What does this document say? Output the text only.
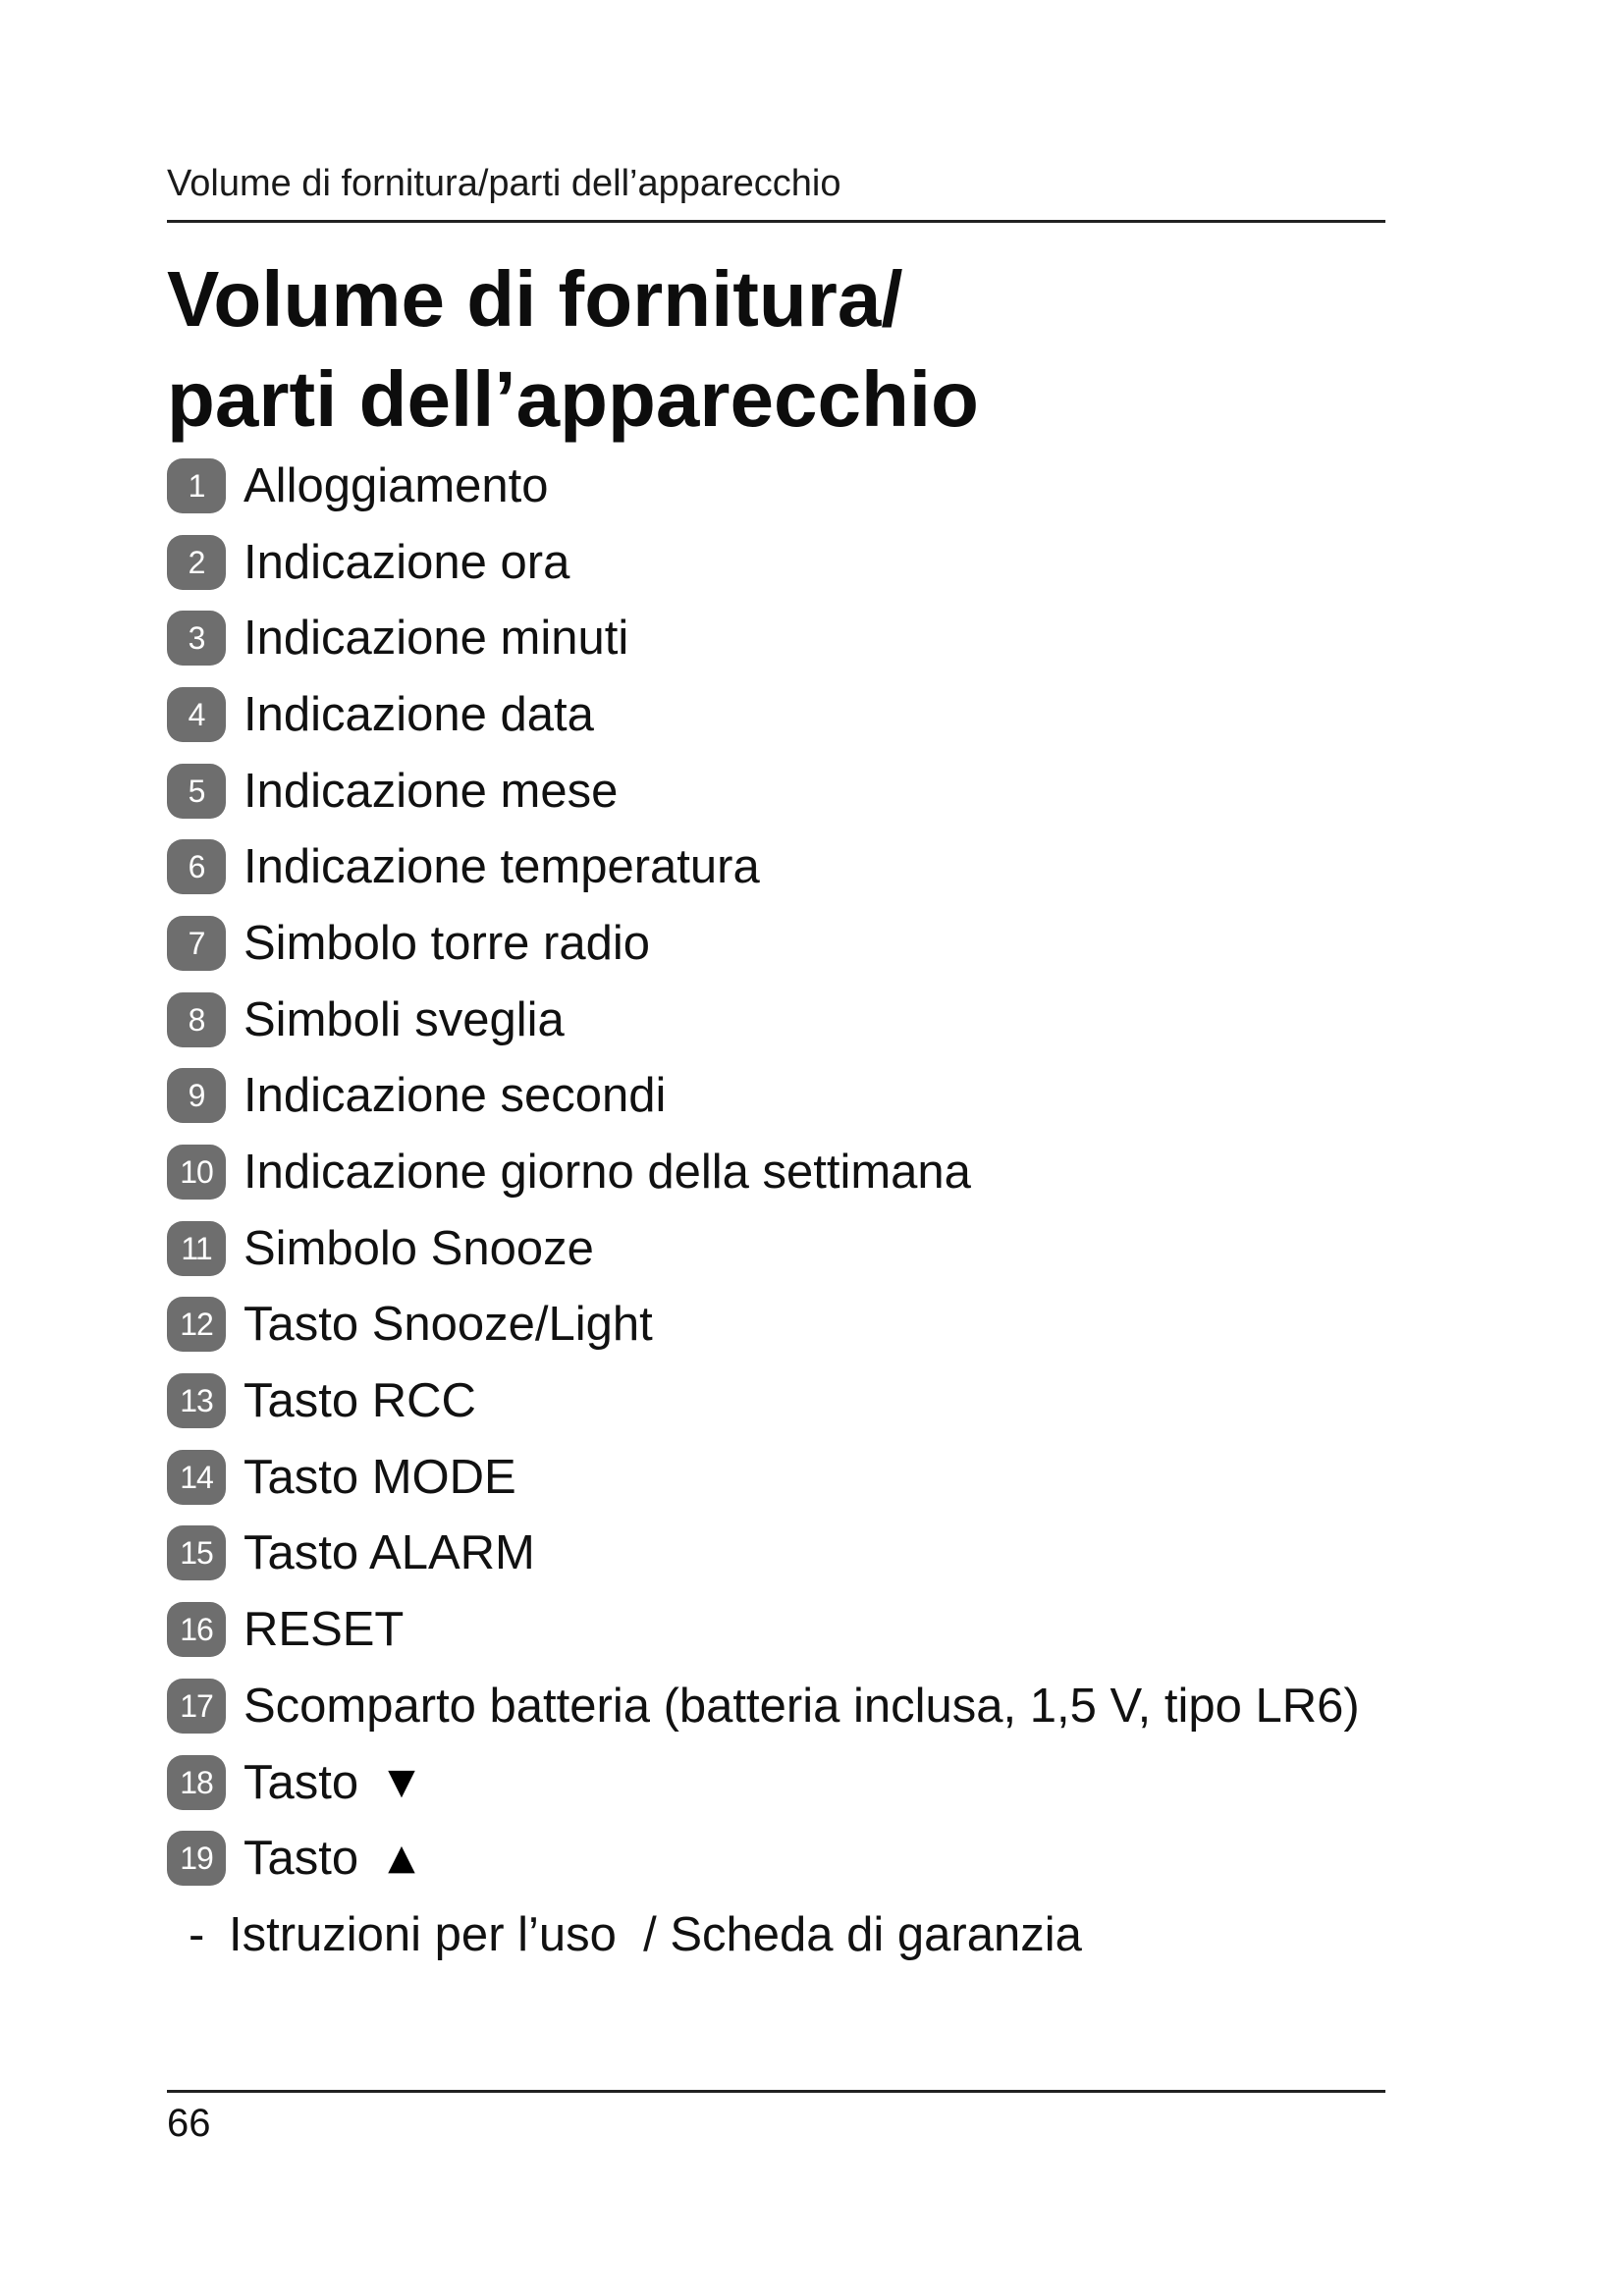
Volume di fornitura/parti dell’apparecchio
Volume di fornitura/
parti dell’apparecchio
1 Alloggiamento
2 Indicazione ora
3 Indicazione minuti
4 Indicazione data
5 Indicazione mese
6 Indicazione temperatura
7 Simbolo torre radio
8 Simboli sveglia
9 Indicazione secondi
10 Indicazione giorno della settimana
11 Simbolo Snooze
12 Tasto Snooze/Light
13 Tasto RCC
14 Tasto MODE
15 Tasto ALARM
16 RESET
17 Scomparto batteria (batteria inclusa, 1,5 V, tipo LR6)
18 Tasto ▼
19 Tasto ▲
- Istruzioni per l’uso  / Scheda di garanzia
66
